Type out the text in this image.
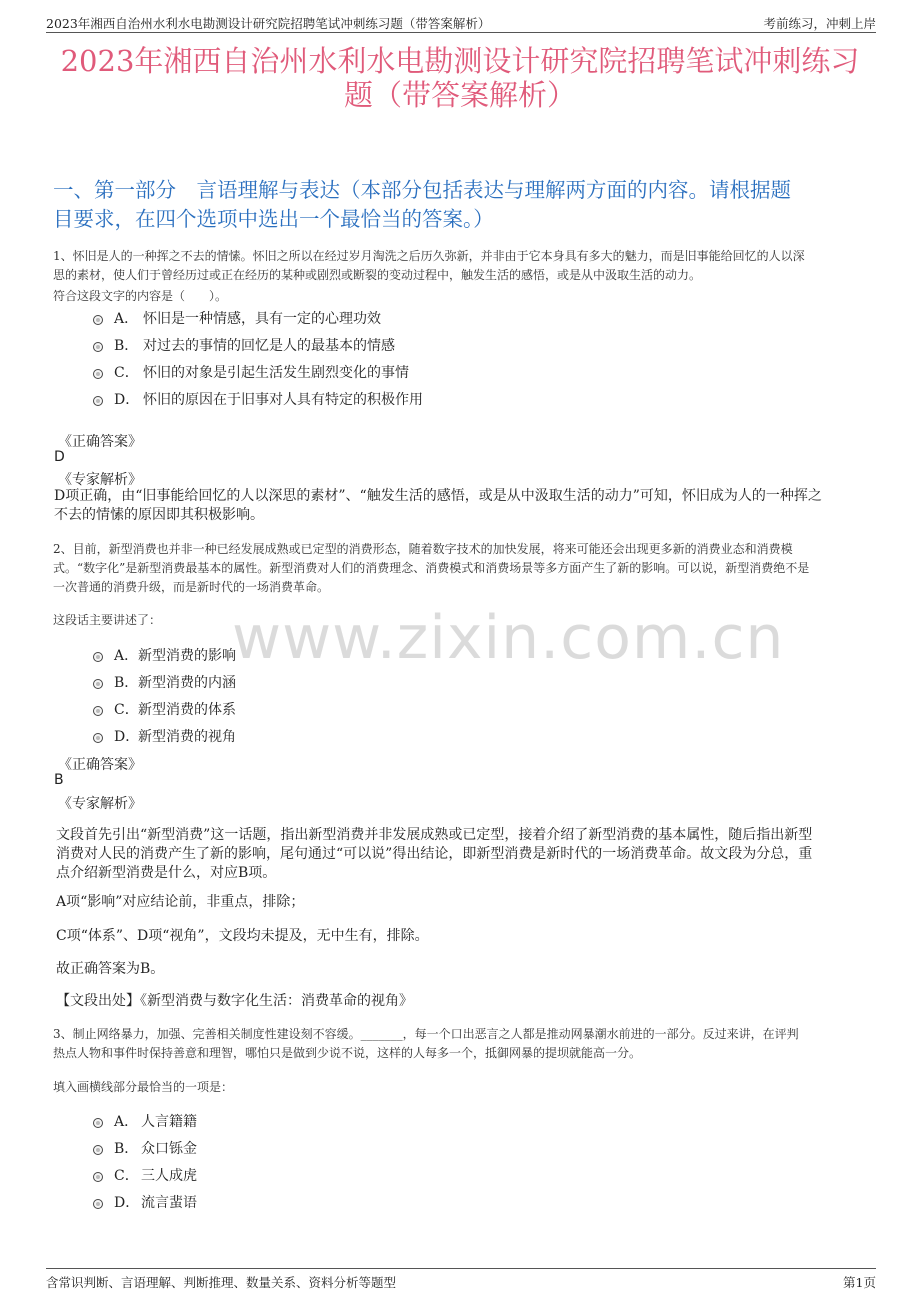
2023年湘西自治州水利水电勘测设计研究院招聘笔试冲刺练习题（带答案解析）	考前练习，冲刺上岸
2023年湘西自治州水利水电勘测设计研究院招聘笔试冲刺练习
题（带答案解析）
一、第一部分　言语理解与表达（本部分包括表达与理解两方面的内容。请根据题
目要求，在四个选项中选出一个最恰当的答案。）
www.zixin.com.cn
1、怀旧是人的一种挥之不去的情愫。怀旧之所以在经过岁月淘洗之后历久弥新，并非由于它本身具有多大的魅力，而是旧事能给回忆的人以深
思的素材，使人们于曾经历过或正在经历的某种或剧烈或断裂的变动过程中，触发生活的感悟，或是从中汲取生活的动力。
符合这段文字的内容是（　　）。
A． 怀旧是一种情感，具有一定的心理功效
B． 对过去的事情的回忆是人的最基本的情感
C． 怀旧的对象是引起生活发生剧烈变化的事情
D． 怀旧的原因在于旧事对人具有特定的积极作用
《正确答案》
D
《专家解析》
D项正确，由“旧事能给回忆的人以深思的素材”、“触发生活的感悟，或是从中汲取生活的动力”可知，怀旧成为人的一种挥之
不去的情愫的原因即其积极影响。
2、目前，新型消费也并非一种已经发展成熟或已定型的消费形态，随着数字技术的加快发展，将来可能还会出现更多新的消费业态和消费模
式。“数字化”是新型消费最基本的属性。新型消费对人们的消费理念、消费模式和消费场景等多方面产生了新的影响。可以说，新型消费绝不是
一次普通的消费升级，而是新时代的一场消费革命。
这段话主要讲述了：
A． 新型消费的影响
B． 新型消费的内涵
C． 新型消费的体系
D．
新型消费的视角
《正确答案》
B
《专家解析》
文段首先引出“新型消费”这一话题，指出新型消费并非发展成熟或已定型，接着介绍了新型消费的基本属性，随后指出新型
消费对人民的消费产生了新的影响，尾句通过“可以说”得出结论，即新型消费是新时代的一场消费革命。故文段为分总，重
点介绍新型消费是什么，对应B项。
A项“影响”对应结论前，非重点，排除；
C项“体系”、D项“视角”，文段均未提及，无中生有，排除。
故正确答案为B。
【文段出处】《新型消费与数字化生活：消费革命的视角》
3、制止网络暴力，加强、完善相关制度性建设刻不容缓。_______，每一个口出恶言之人都是推动网暴潮水前进的一部分。反过来讲，在评判
热点人物和事件时保持善意和理智，哪怕只是做到少说不说，这样的人每多一个，抵御网暴的提坝就能高一分。
填入画横线部分最恰当的一项是：
A． 人言籍籍
B． 众口铄金
C． 三人成虎
D． 流言蜚语
含常识判断、言语理解、判断推理、数量关系、资料分析等题型	第1页
